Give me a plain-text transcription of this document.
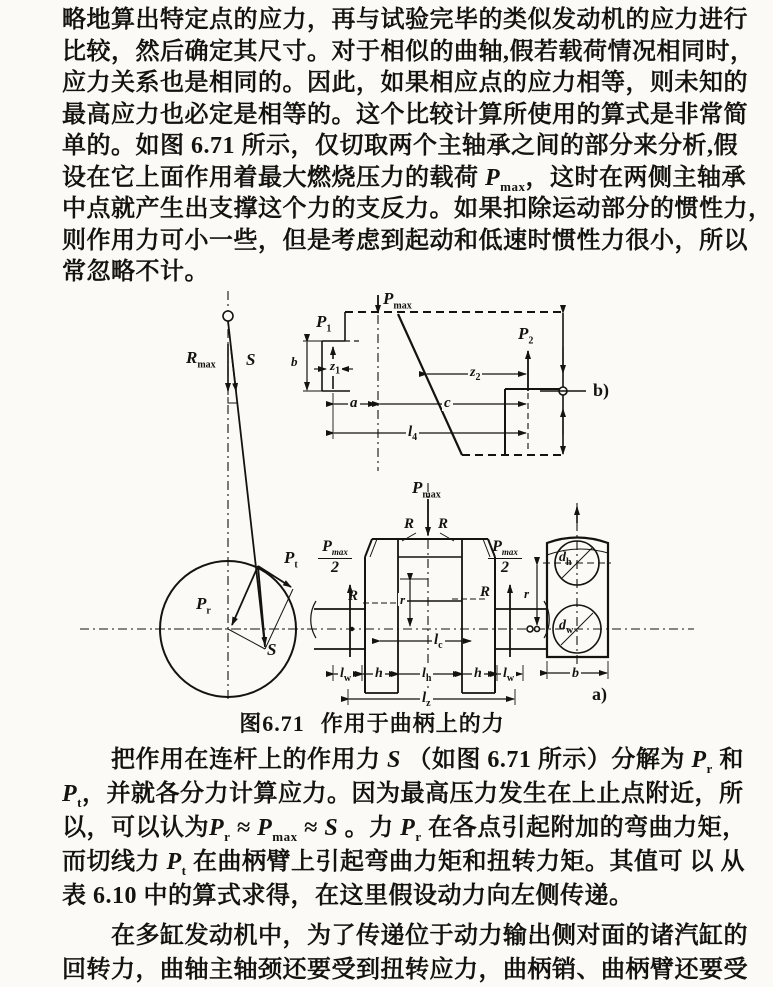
略地算出特定点的应力，再与试验完毕的类似发动机的应力进行
比较，然后确定其尺寸。对于相似的曲轴,假若载荷情况相同时，
应力关系也是相同的。因此，如果相应点的应力相等，则未知的
最高应力也必定是相等的。这个比较计算所使用的算式是非常简
单的。如图 6.71 所示，仅切取两个主轴承之间的部分来分析,假
设在它上面作用着最大燃烧压力的载荷 $P_{max}$，这时在两侧主轴承
中点就产生出支撑这个力的支反力。如果扣除运动部分的惯性力，
则作用力可小一些，但是考虑到起动和低速时惯性力很小，所以
常忽略不计。
$R_{max}$ S
$P_r$
S
$P_t$
$P_{max}$
$P_1$
$z_1$
b
a	c
$l_4$
$z_2$
$P_2$
b)
$P_{max}$
R R
$P_{max}$
2
$P_{max}$
2
R	R
r
$l_c$
$l_w$ h	$l_h$	h $l_w$
$l_z$
$d_h$
$d_w$
r
b
a)
图6.71 作用于曲柄上的力
　　把作用在连杆上的作用力 S （如图 6.71 所示）分解为 $P_r$ 和
$P_t$，并就各分力计算应力。因为最高压力发生在上止点附近，所
以，可以认为$P_r \approx P_{max} \approx S$ 。力 $P_r$ 在各点引起附加的弯曲力矩，
而切线力 $P_t$ 在曲柄臂上引起弯曲力矩和扭转力矩。其值可 以 从
表 6.10 中的算式求得，在这里假设动力向左侧传递。
　　在多缸发动机中，为了传递位于动力输出侧对面的诸汽缸的
回转力，曲轴主轴颈还要受到扭转应力，曲柄销、曲柄臂还要受
